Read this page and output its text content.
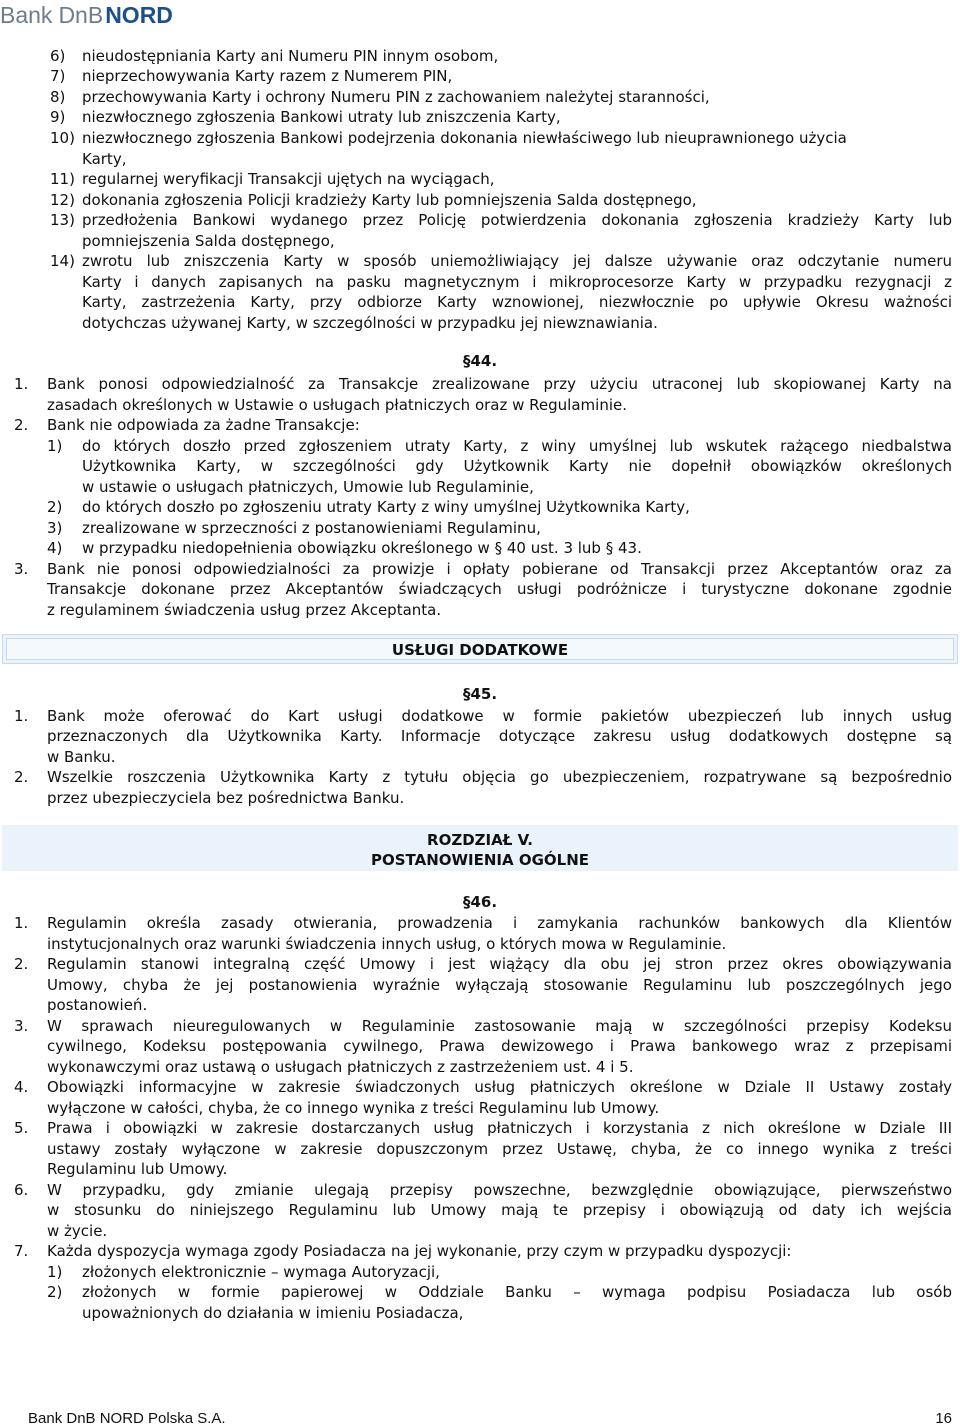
Bank DnB NORD
6) nieudostępniania Karty ani Numeru PIN innym osobom,
7) nieprzechowywania Karty razem z Numerem PIN,
8) przechowywania Karty i ochrony Numeru PIN z zachowaniem należytej staranności,
9) niezwłocznego zgłoszenia Bankowi utraty lub zniszczenia Karty,
10) niezwłocznego zgłoszenia Bankowi podejrzenia dokonania niewłaściwego lub nieuprawnionego użycia
Karty,
11) regularnej weryfikacji Transakcji ujętych na wyciągach,
12) dokonania zgłoszenia Policji kradzieży Karty lub pomniejszenia Salda dostępnego,
13) przedłożenia Bankowi wydanego przez Policję potwierdzenia dokonania zgłoszenia kradzieży Karty lub
pomniejszenia Salda dostępnego,
14) zwrotu lub zniszczenia Karty w sposób uniemożliwiający jej dalsze używanie oraz odczytanie numeru
Karty i danych zapisanych na pasku magnetycznym i mikroprocesorze Karty w przypadku rezygnacji z
Karty, zastrzeżenia Karty, przy odbiorze Karty wznowionej, niezwłocznie po upływie Okresu ważności
dotychczas używanej Karty, w szczególności w przypadku jej niewznawiania.
§44.
1. Bank ponosi odpowiedzialność za Transakcje zrealizowane przy użyciu utraconej lub skopiowanej Karty na
zasadach określonych w Ustawie o usługach płatniczych oraz w Regulaminie.
2. Bank nie odpowiada za żadne Transakcje:
1) do których doszło przed zgłoszeniem utraty Karty, z winy umyślnej lub wskutek rażącego niedbalstwa
Użytkownika Karty, w szczególności gdy Użytkownik Karty nie dopełnił obowiązków określonych
w ustawie o usługach płatniczych, Umowie lub Regulaminie,
2) do których doszło po zgłoszeniu utraty Karty z winy umyślnej Użytkownika Karty,
3) zrealizowane w sprzeczności z postanowieniami Regulaminu,
4) w przypadku niedopełnienia obowiązku określonego w § 40 ust. 3 lub § 43.
3. Bank nie ponosi odpowiedzialności za prowizje i opłaty pobierane od Transakcji przez Akceptantów oraz za
Transakcje dokonane przez Akceptantów świadczących usługi podróżnicze i turystyczne dokonane zgodnie
z regulaminem świadczenia usług przez Akceptanta.
USŁUGI DODATKOWE
§45.
1. Bank może oferować do Kart usługi dodatkowe w formie pakietów ubezpieczeń lub innych usług
przeznaczonych dla Użytkownika Karty. Informacje dotyczące zakresu usług dodatkowych dostępne są
w Banku.
2. Wszelkie roszczenia Użytkownika Karty z tytułu objęcia go ubezpieczeniem, rozpatrywane są bezpośrednio
przez ubezpieczyciela bez pośrednictwa Banku.
ROZDZIAŁ V.
POSTANOWIENIA OGÓLNE
§46.
1. Regulamin określa zasady otwierania, prowadzenia i zamykania rachunków bankowych dla Klientów
instytucjonalnych oraz warunki świadczenia innych usług, o których mowa w Regulaminie.
2. Regulamin stanowi integralną część Umowy i jest wiążący dla obu jej stron przez okres obowiązywania
Umowy, chyba że jej postanowienia wyraźnie wyłączają stosowanie Regulaminu lub poszczególnych jego
postanowień.
3. W sprawach nieuregulowanych w Regulaminie zastosowanie mają w szczególności przepisy Kodeksu
cywilnego, Kodeksu postępowania cywilnego, Prawa dewizowego i Prawa bankowego wraz z przepisami
wykonawczymi oraz ustawą o usługach płatniczych z zastrzeżeniem ust. 4 i 5.
4. Obowiązki informacyjne w zakresie świadczonych usług płatniczych określone w Dziale II Ustawy zostały
wyłączone w całości, chyba, że co innego wynika z treści Regulaminu lub Umowy.
5. Prawa i obowiązki w zakresie dostarczanych usług płatniczych i korzystania z nich określone w Dziale III
ustawy zostały wyłączone w zakresie dopuszczonym przez Ustawę, chyba, że co innego wynika z treści
Regulaminu lub Umowy.
6. W przypadku, gdy zmianie ulegają przepisy powszechne, bezwzględnie obowiązujące, pierwszeństwo
w stosunku do niniejszego Regulaminu lub Umowy mają te przepisy i obowiązują od daty ich wejścia
w życie.
7. Każda dyspozycja wymaga zgody Posiadacza na jej wykonanie, przy czym w przypadku dyspozycji:
1) złożonych elektronicznie – wymaga Autoryzacji,
2) złożonych w formie papierowej w Oddziale Banku – wymaga podpisu Posiadacza lub osób
upoważnionych do działania w imieniu Posiadacza,
Bank DnB NORD Polska S.A.	16
